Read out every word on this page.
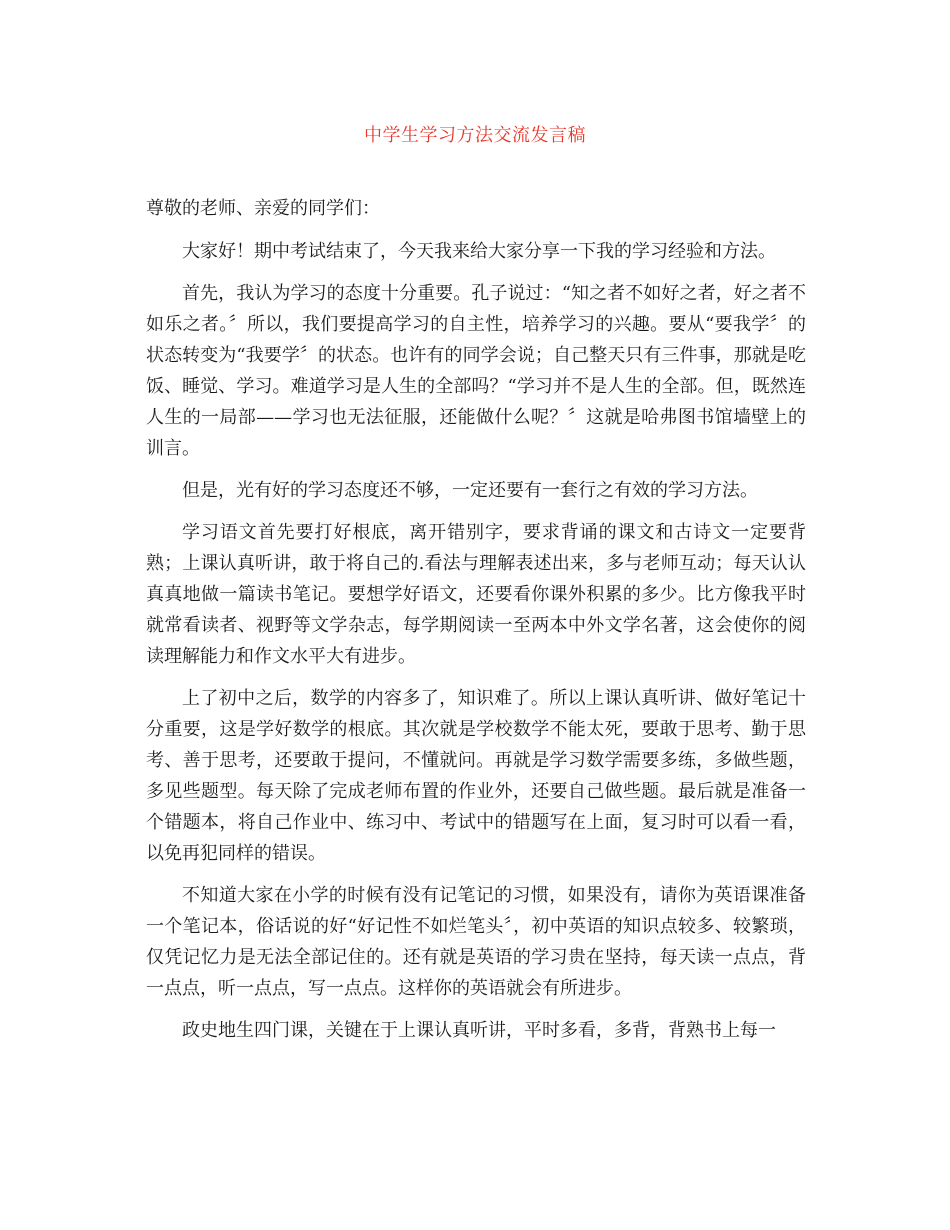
中学生学习方法交流发言稿

尊敬的老师、亲爱的同学们：

大家好！期中考试结束了，今天我来给大家分享一下我的学习经验和方法。

首先，我认为学习的态度十分重要。孔子说过：“知之者不如好之者，好之者不如乐之者。〞所以，我们要提高学习的自主性，培养学习的兴趣。要从“要我学〞的状态转变为“我要学〞的状态。也许有的同学会说；自己整天只有三件事，那就是吃饭、睡觉、学习。难道学习是人生的全部吗？“学习并不是人生的全部。但，既然连人生的一局部——学习也无法征服，还能做什么呢？〞这就是哈弗图书馆墙壁上的训言。

但是，光有好的学习态度还不够，一定还要有一套行之有效的学习方法。

学习语文首先要打好根底，离开错别字，要求背诵的课文和古诗文一定要背熟；上课认真听讲，敢于将自己的.看法与理解表述出来，多与老师互动；每天认认真真地做一篇读书笔记。要想学好语文，还要看你课外积累的多少。比方像我平时就常看读者、视野等文学杂志，每学期阅读一至两本中外文学名著，这会使你的阅读理解能力和作文水平大有进步。

上了初中之后，数学的内容多了，知识难了。所以上课认真听讲、做好笔记十分重要，这是学好数学的根底。其次就是学校数学不能太死，要敢于思考、勤于思考、善于思考，还要敢于提问，不懂就问。再就是学习数学需要多练，多做些题，多见些题型。每天除了完成老师布置的作业外，还要自己做些题。最后就是准备一个错题本，将自己作业中、练习中、考试中的错题写在上面，复习时可以看一看，以免再犯同样的错误。

不知道大家在小学的时候有没有记笔记的习惯，如果没有，请你为英语课准备一个笔记本，俗话说的好“好记性不如烂笔头〞，初中英语的知识点较多、较繁琐，仅凭记忆力是无法全部记住的。还有就是英语的学习贵在坚持，每天读一点点，背一点点，听一点点，写一点点。这样你的英语就会有所进步。

政史地生四门课，关键在于上课认真听讲，平时多看，多背，背熟书上每一
